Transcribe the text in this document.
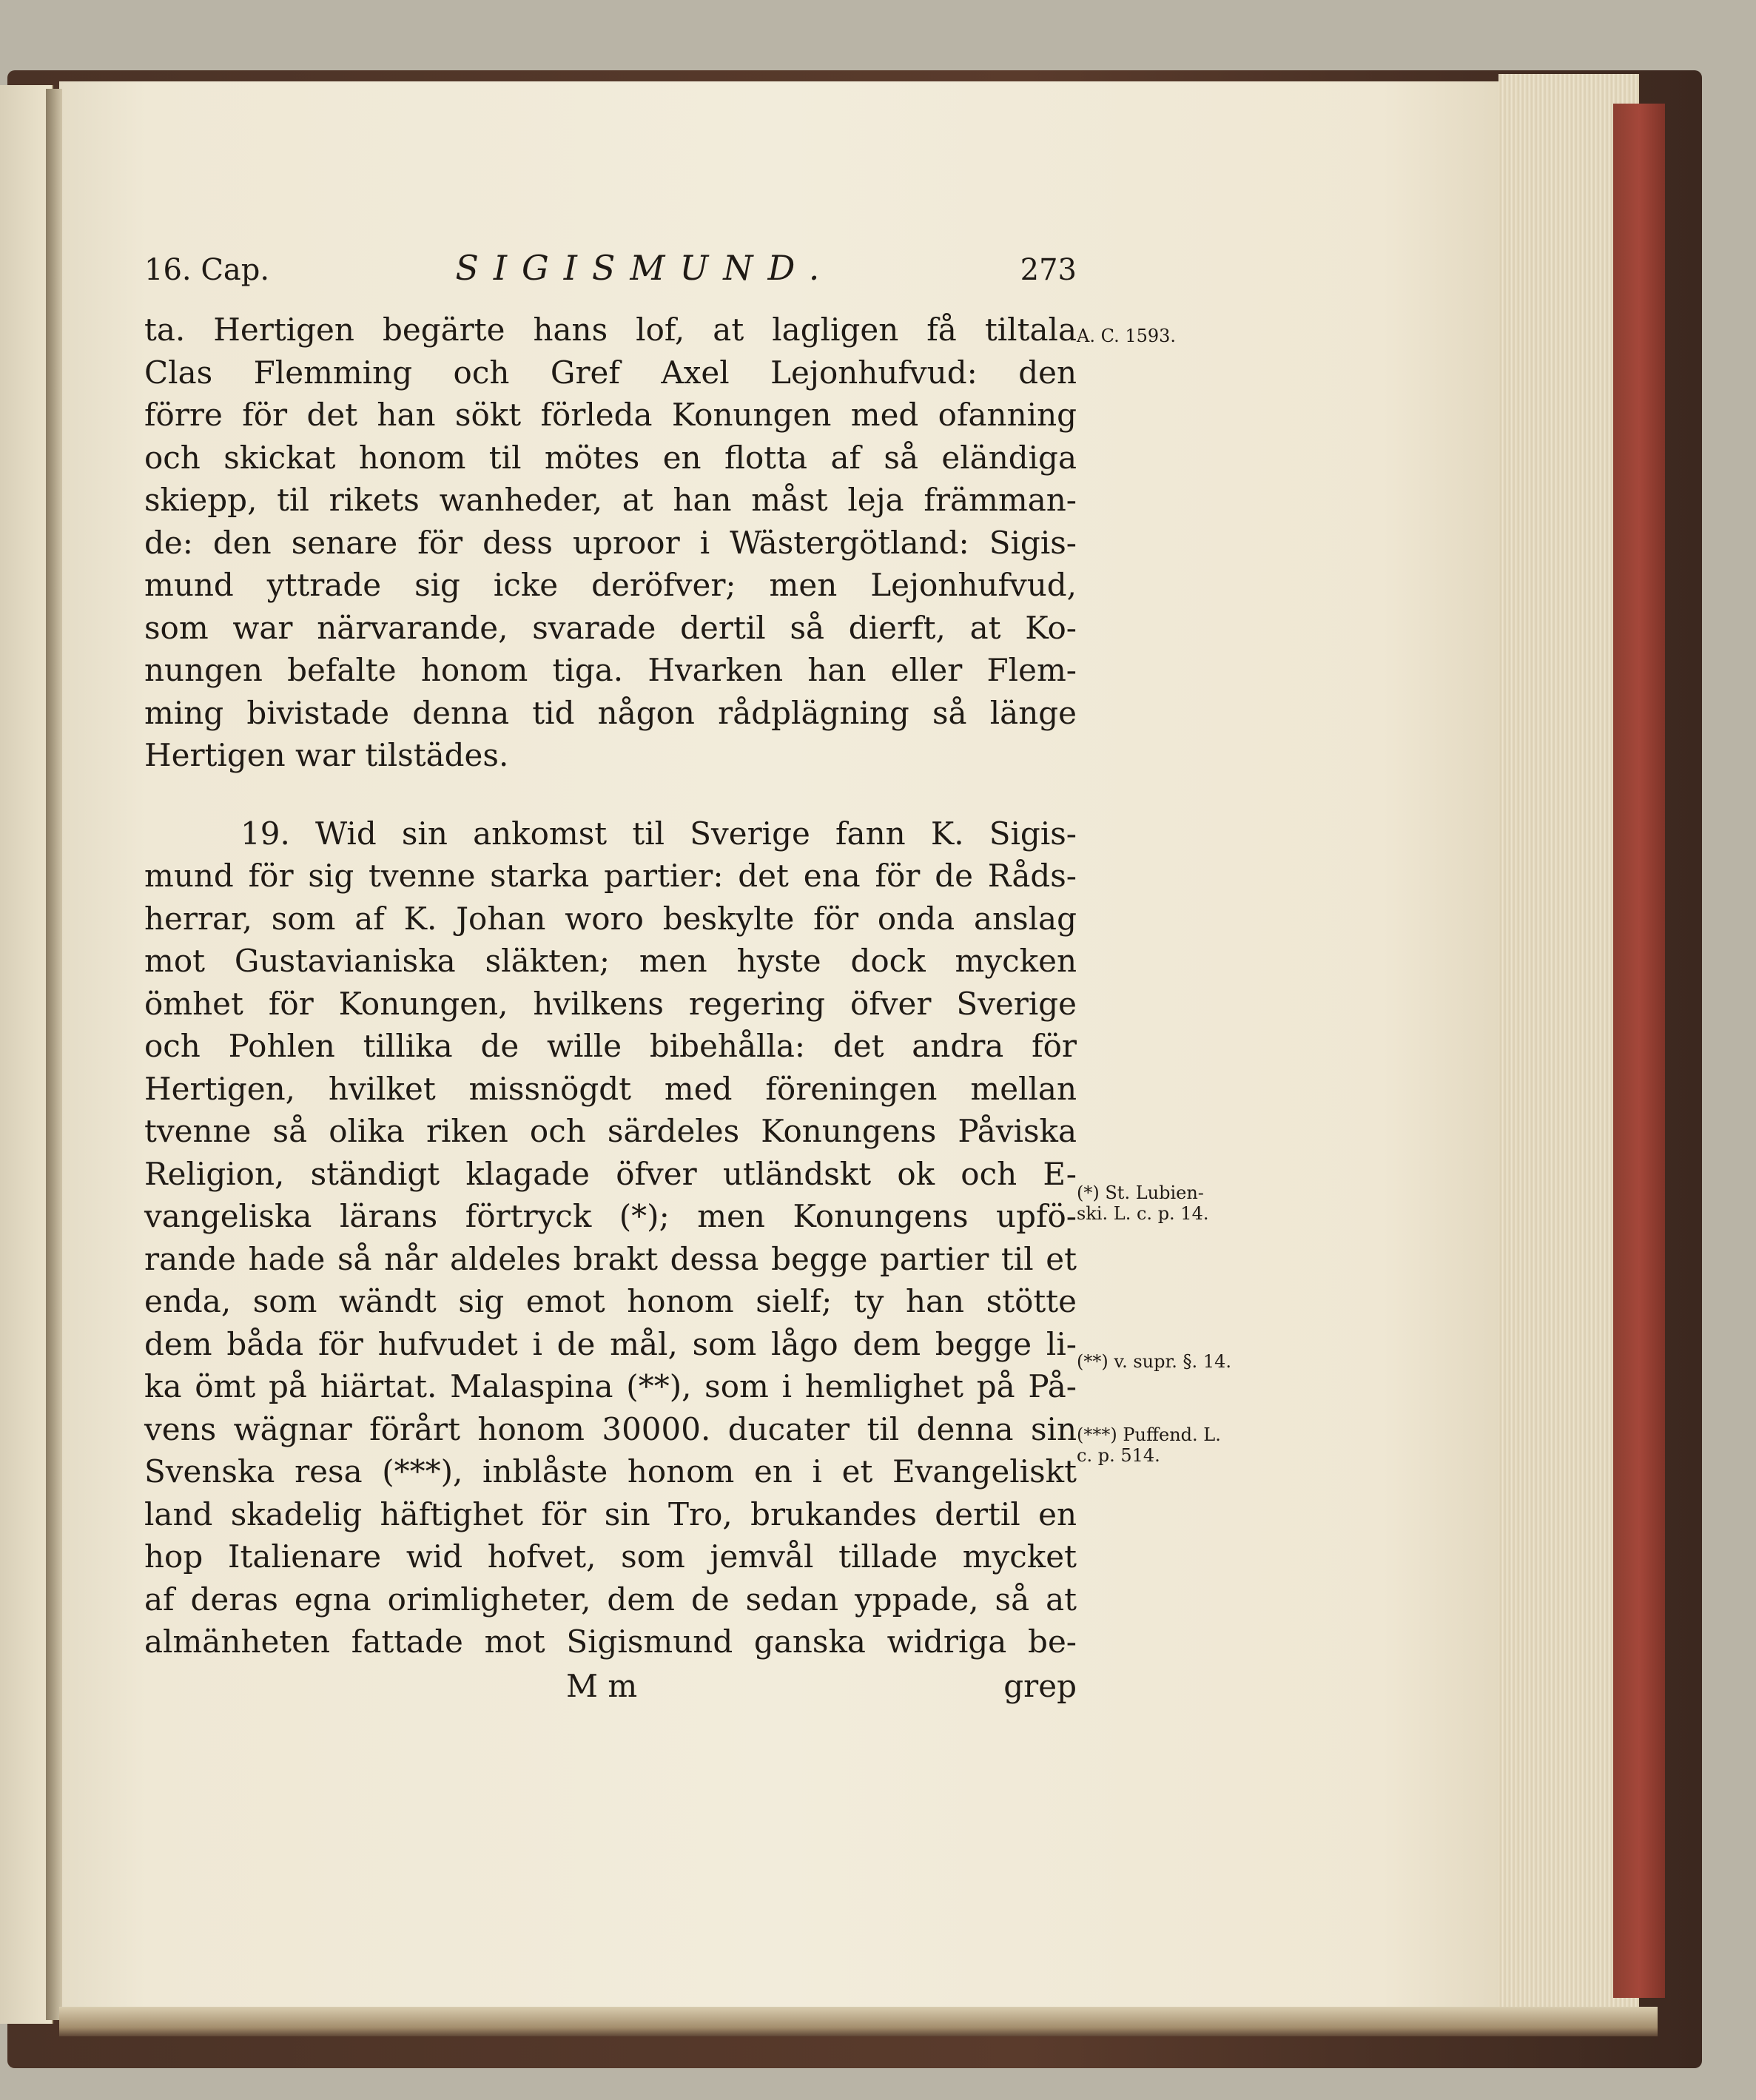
16. Cap.	SIGISMUND.	273
ta. Hertigen begärte hans lof, at lagligen få tiltala
Clas Flemming och Gref Axel Lejonhufvud: den
förre för det han sökt förleda Konungen med ofanning
och skickat honom til mötes en flotta af så eländiga
skiepp, til rikets wanheder, at han måst leja främman-
de: den senare för dess uproor i Wästergötland: Sigis-
mund yttrade sig icke deröfver; men Lejonhufvud,
som war närvarande, svarade dertil så dierft, at Ko-
nungen befalte honom tiga. Hvarken han eller Flem-
ming bivistade denna tid någon rådplägning så länge
Hertigen war tilstädes.
19. Wid sin ankomst til Sverige fann K. Sigis-
mund för sig tvenne starka partier: det ena för de Råds-
herrar, som af K. Johan woro beskylte för onda anslag
mot Gustavianiska släkten; men hyste dock mycken
ömhet för Konungen, hvilkens regering öfver Sverige
och Pohlen tillika de wille bibehålla: det andra för
Hertigen, hvilket missnögdt med föreningen mellan
tvenne så olika riken och särdeles Konungens Påviska
Religion, ständigt klagade öfver utländskt ok och E-
vangeliska lärans förtryck (*); men Konungens upfö-
rande hade så når aldeles brakt dessa begge partier til et
enda, som wändt sig emot honom sielf; ty han stötte
dem båda för hufvudet i de mål, som lågo dem begge li-
ka ömt på hiärtat. Malaspina (**), som i hemlighet på På-
vens wägnar förårt honom 30000. ducater til denna sin
Svenska resa (***), inblåste honom en i et Evangeliskt
land skadelig häftighet för sin Tro, brukandes dertil en
hop Italienare wid hofvet, som jemvål tillade mycket
af deras egna orimligheter, dem de sedan yppade, så at
almänheten fattade mot Sigismund ganska widriga be-
M m	grep
A. C. 1593.
(*) St. Lubien-
ski. L. c. p. 14.
(**) v. supr. §. 14.
(***) Puffend. L.
c. p. 514.
